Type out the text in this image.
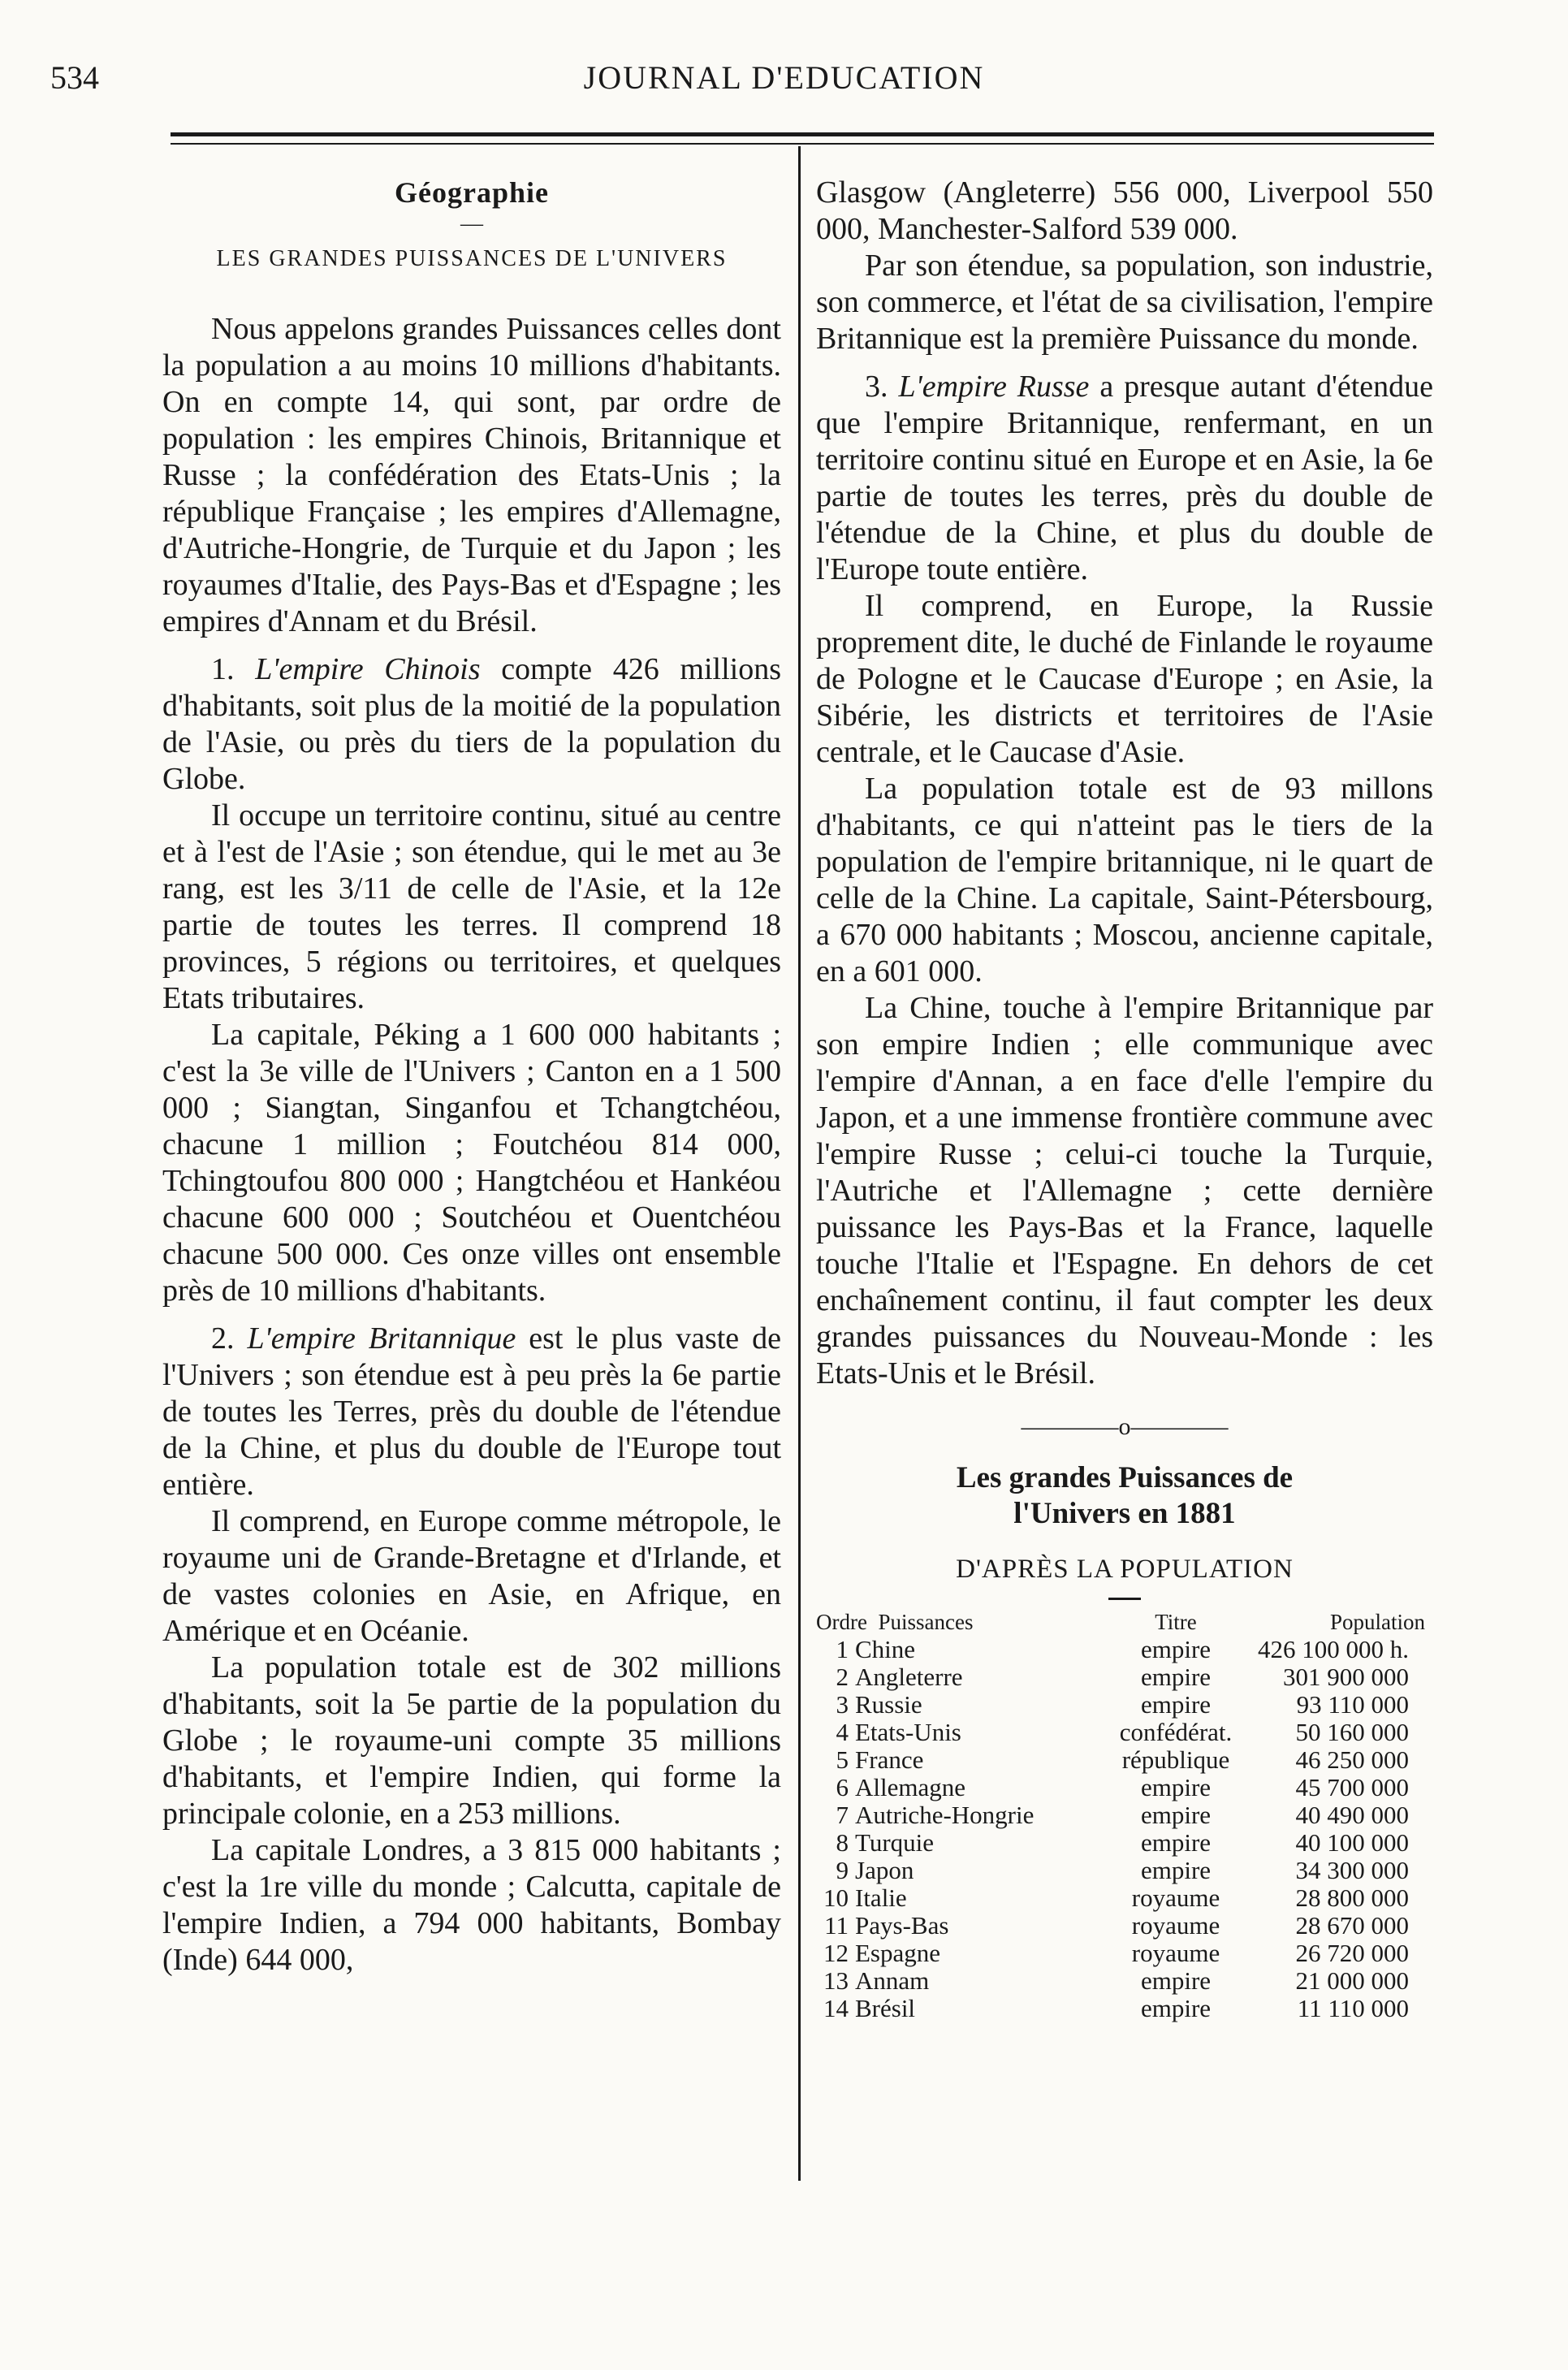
534	JOURNAL D'EDUCATION
Géographie
—
LES GRANDES PUISSANCES DE L'UNIVERS

Nous appelons grandes Puissances celles dont la population a au moins 10 millions d'habitants. On en compte 14, qui sont, par ordre de population : les empires Chinois, Britannique et Russe ; la confédération des Etats-Unis ; la république Française ; les empires d'Allemagne, d'Autriche-Hongrie, de Turquie et du Japon ; les royaumes d'Italie, des Pays-Bas et d'Espagne ; les empires d'Annam et du Brésil.

1. L'empire Chinois compte 426 millions d'habitants, soit plus de la moitié de la population de l'Asie, ou près du tiers de la population du Globe.

Il occupe un territoire continu, situé au centre et à l'est de l'Asie ; son étendue, qui le met au 3e rang, est les 3/11 de celle de l'Asie, et la 12e partie de toutes les terres. Il comprend 18 provinces, 5 régions ou territoires, et quelques Etats tributaires.

La capitale, Péking a 1 600 000 habitants ; c'est la 3e ville de l'Univers ; Canton en a 1 500 000 ; Siangtan, Singanfou et Tchangtchéou, chacune 1 million ; Foutchéou 814 000, Tchingtoufou 800 000 ; Hangtchéou et Hankéou chacune 600 000 ; Soutchéou et Ouentchéou chacune 500 000. Ces onze villes ont ensemble près de 10 millions d'habitants.

2. L'empire Britannique est le plus vaste de l'Univers ; son étendue est à peu près la 6e partie de toutes les Terres, près du double de l'étendue de la Chine, et plus du double de l'Europe tout entière.

Il comprend, en Europe comme métropole, le royaume uni de Grande-Bretagne et d'Irlande, et de vastes colonies en Asie, en Afrique, en Amérique et en Océanie.

La population totale est de 302 millions d'habitants, soit la 5e partie de la population du Globe ; le royaume-uni compte 35 millions d'habitants, et l'empire Indien, qui forme la principale colonie, en a 253 millions.

La capitale Londres, a 3 815 000 habitants ; c'est la 1re ville du monde ; Calcutta, capitale de l'empire Indien, a 794 000 habitants, Bombay (Inde) 644 000,

Glasgow (Angleterre) 556 000, Liverpool 550 000, Manchester-Salford 539 000.

Par son étendue, sa population, son industrie, son commerce, et l'état de sa civilisation, l'empire Britannique est la première Puissance du monde.

3. L'empire Russe a presque autant d'étendue que l'empire Britannique, renfermant, en un territoire continu situé en Europe et en Asie, la 6e partie de toutes les terres, près du double de l'étendue de la Chine, et plus du double de l'Europe toute entière.

Il comprend, en Europe, la Russie proprement dite, le duché de Finlande le royaume de Pologne et le Caucase d'Europe ; en Asie, la Sibérie, les districts et territoires de l'Asie centrale, et le Caucase d'Asie.

La population totale est de 93 millons d'habitants, ce qui n'atteint pas le tiers de la population de l'empire britannique, ni le quart de celle de la Chine. La capitale, Saint-Pétersbourg, a 670 000 habitants ; Moscou, ancienne capitale, en a 601 000.

La Chine, touche à l'empire Britannique par son empire Indien ; elle communique avec l'empire d'Annan, a en face d'elle l'empire du Japon, et a une immense frontière commune avec l'empire Russe ; celui-ci touche la Turquie, l'Autriche et l'Allemagne ; cette dernière puissance les Pays-Bas et la France, laquelle touche l'Italie et l'Espagne. En dehors de cet enchaînement continu, il faut compter les deux grandes puissances du Nouveau-Monde : les Etats-Unis et le Brésil.

————o————
Les grandes Puissances de
l'Univers en 1881
D'APRÈS LA POPULATION
Ordre Puissances		Titre	Population
1	Chine	empire	426 100 000 h.
2	Angleterre	empire	301 900 000
3	Russie	empire	93 110 000
4	Etats-Unis	confédérat.	50 160 000
5	France	république	46 250 000
6	Allemagne	empire	45 700 000
7	Autriche-Hongrie	empire	40 490 000
8	Turquie	empire	40 100 000
9	Japon	empire	34 300 000
10	Italie	royaume	28 800 000
11	Pays-Bas	royaume	28 670 000
12	Espagne	royaume	26 720 000
13	Annam	empire	21 000 000
14	Brésil	empire	11 110 000
